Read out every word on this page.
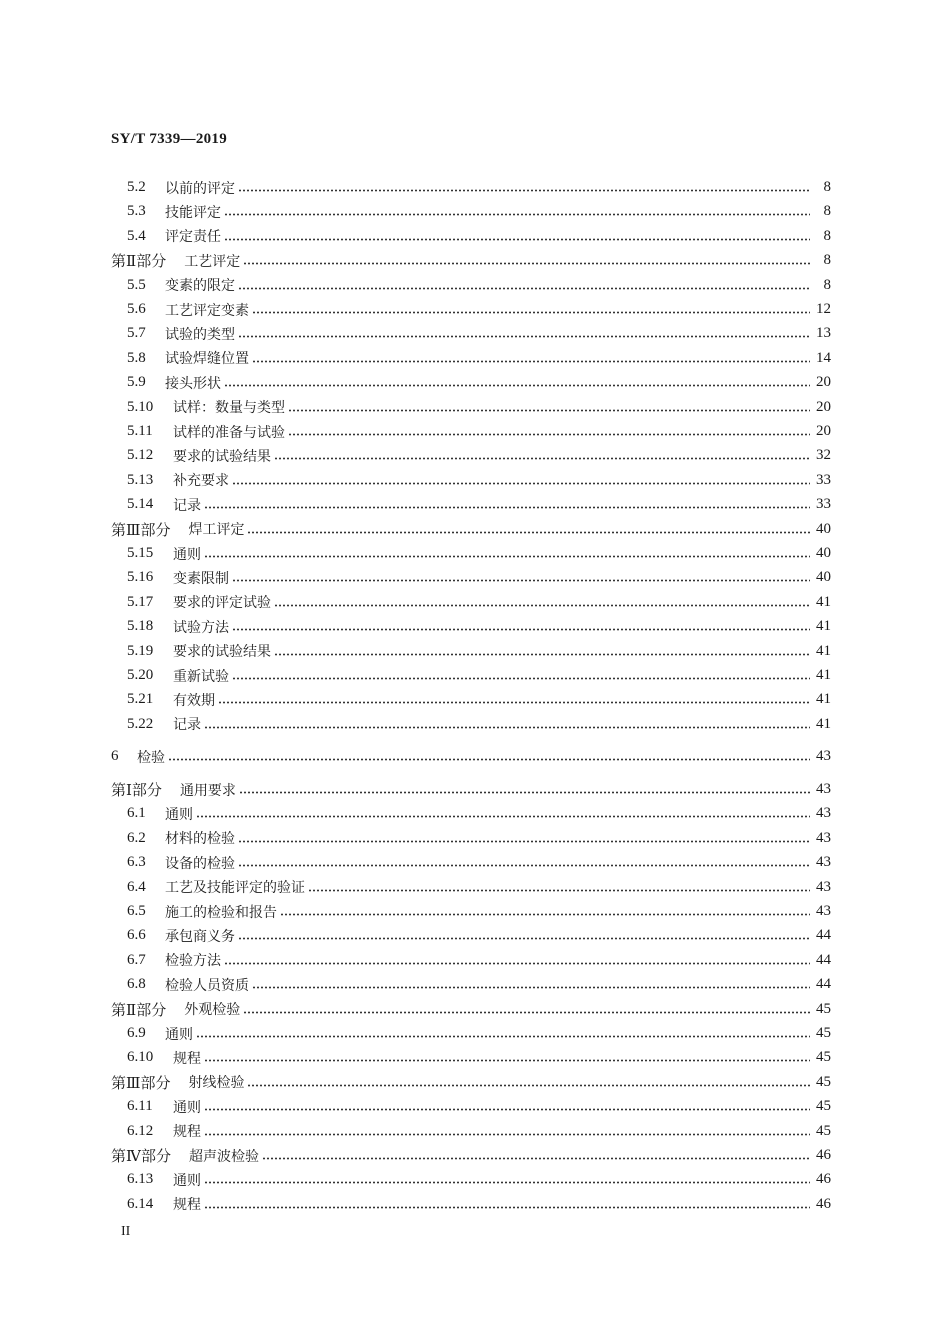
SY/T 7339—2019
5.2	以前的评定	8
5.3	技能评定	8
5.4	评定责任	8
第Ⅱ部分 工艺评定	8
5.5	变素的限定	8
5.6	工艺评定变素	12
5.7	试验的类型	13
5.8	试验焊缝位置	14
5.9	接头形状	20
5.10	试样：数量与类型	20
5.11	试样的准备与试验	20
5.12	要求的试验结果	32
5.13	补充要求	33
5.14	记录	33
第Ⅲ部分 焊工评定	40
5.15	通则	40
5.16	变素限制	40
5.17	要求的评定试验	41
5.18	试验方法	41
5.19	要求的试验结果	41
5.20	重新试验	41
5.21	有效期	41
5.22	记录	41
6	检验	43
第Ⅰ部分 通用要求	43
6.1	通则	43
6.2	材料的检验	43
6.3	设备的检验	43
6.4	工艺及技能评定的验证	43
6.5	施工的检验和报告	43
6.6	承包商义务	44
6.7	检验方法	44
6.8	检验人员资质	44
第Ⅱ部分 外观检验	45
6.9	通则	45
6.10	规程	45
第Ⅲ部分 射线检验	45
6.11	通则	45
6.12	规程	45
第Ⅳ部分 超声波检验	46
6.13	通则	46
6.14	规程	46
II
